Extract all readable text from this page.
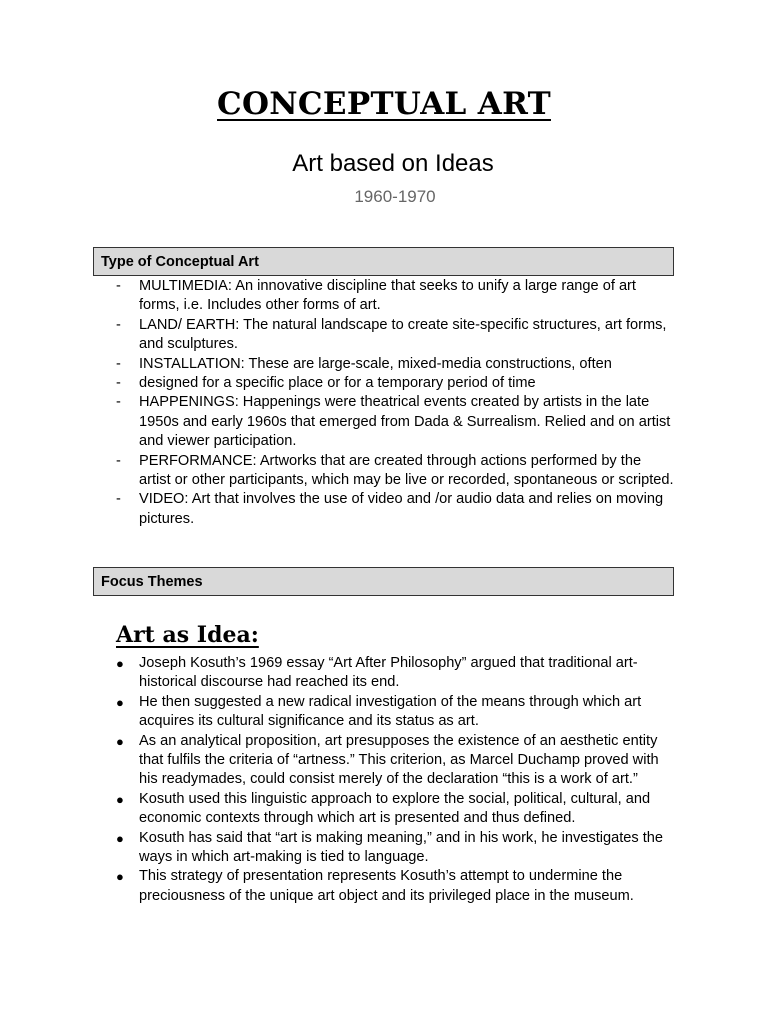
CONCEPTUAL ART

Art based on Ideas

1960-1970

Type of Conceptual Art
- MULTIMEDIA: An innovative discipline that seeks to unify a large range of art forms, i.e. Includes other forms of art.
- LAND/ EARTH: The natural landscape to create site-specific structures, art forms, and sculptures.
- INSTALLATION: These are large-scale, mixed-media constructions, often
- designed for a specific place or for a temporary period of time
- HAPPENINGS: Happenings were theatrical events created by artists in the late 1950s and early 1960s that emerged from Dada & Surrealism. Relied and on artist and viewer participation.
- PERFORMANCE: Artworks that are created through actions performed by the artist or other participants, which may be live or recorded, spontaneous or scripted.
- VIDEO: Art that involves the use of video and /or audio data and relies on moving pictures.
Focus Themes
Art as Idea:
● Joseph Kosuth’s 1969 essay “Art After Philosophy” argued that traditional art-historical discourse had reached its end.
● He then suggested a new radical investigation of the means through which art acquires its cultural significance and its status as art.
● As an analytical proposition, art presupposes the existence of an aesthetic entity that fulfils the criteria of “artness.” This criterion, as Marcel Duchamp proved with his readymades, could consist merely of the declaration “this is a work of art.”
● Kosuth used this linguistic approach to explore the social, political, cultural, and economic contexts through which art is presented and thus defined.
● Kosuth has said that “art is making meaning,” and in his work, he investigates the ways in which art-making is tied to language.
● This strategy of presentation represents Kosuth’s attempt to undermine the preciousness of the unique art object and its privileged place in the museum.
